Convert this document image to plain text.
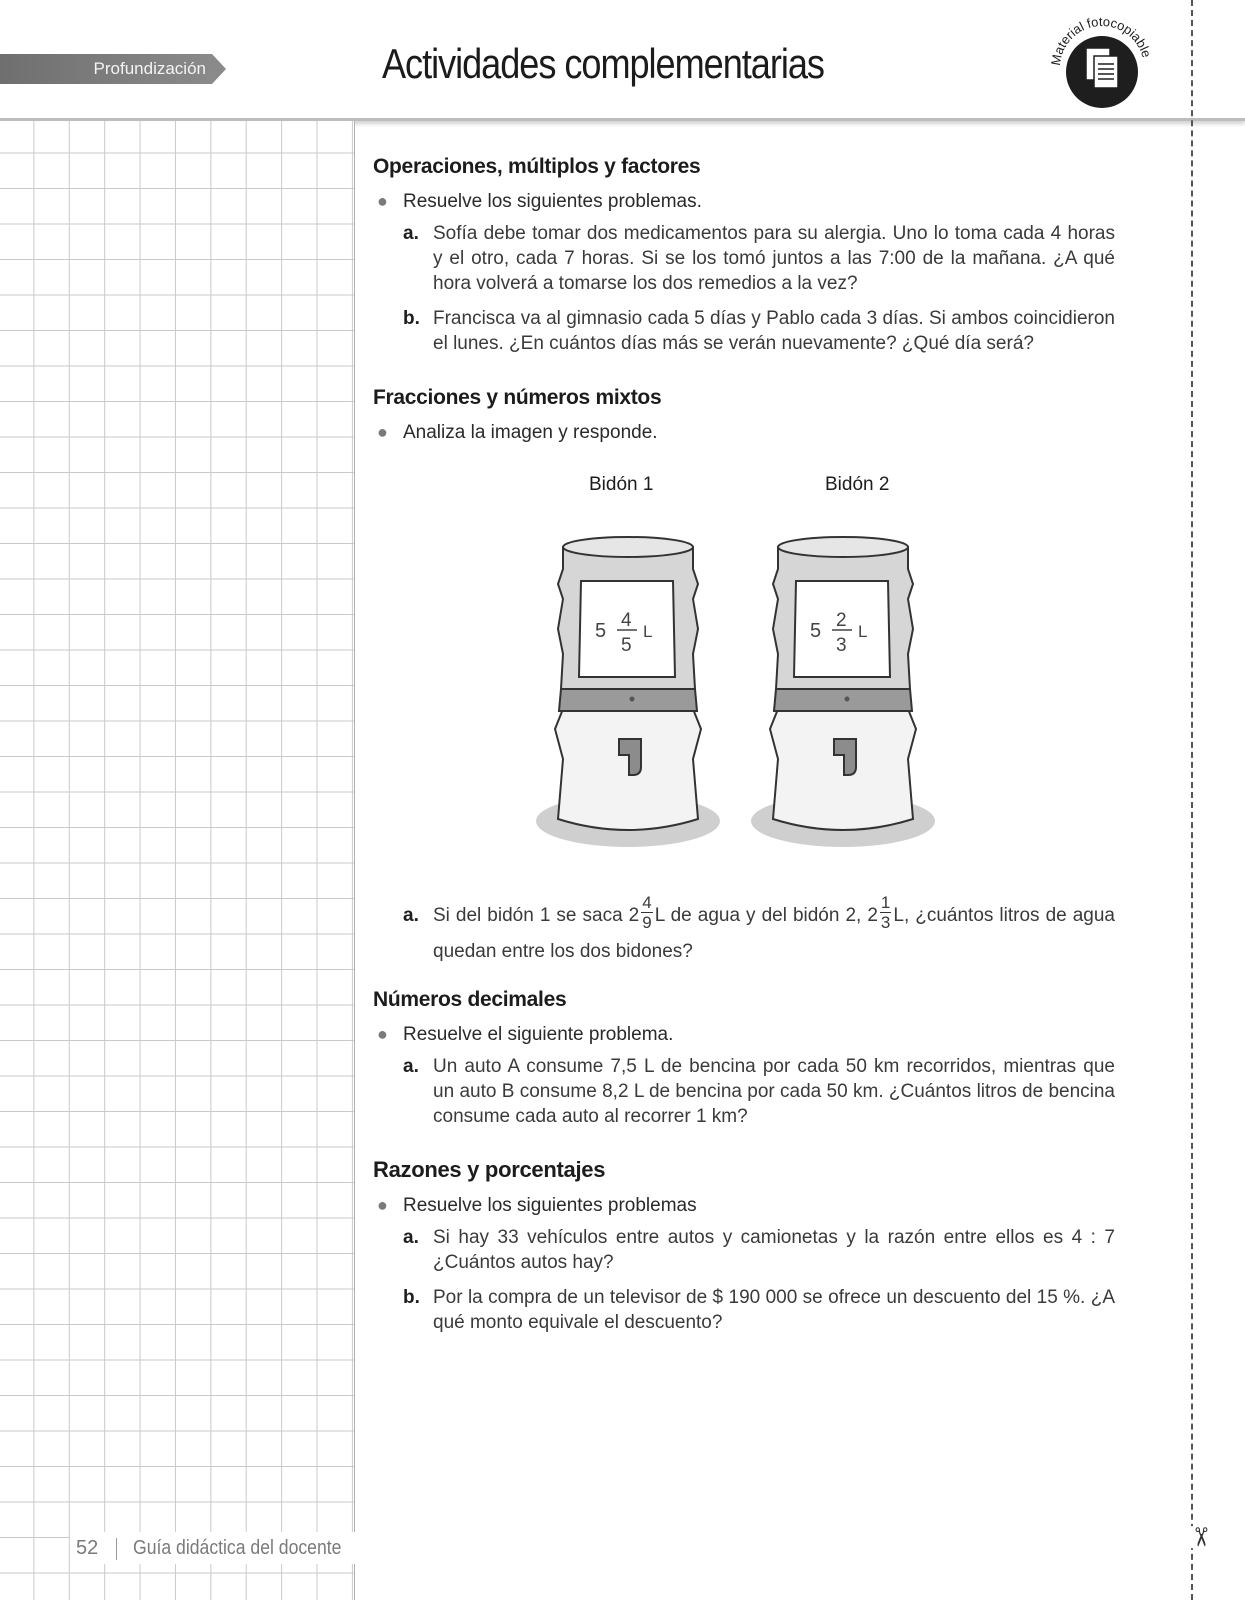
Profundización	Actividades complementarias	Material fotocopiable
52 Guía didáctica del docente	✂
Operaciones, múltiplos y factores
● Resuelve los siguientes problemas.
a. Sofía debe tomar dos medicamentos para su alergia. Uno lo toma cada 4 horas y el otro, cada 7 horas. Si se los tomó juntos a las 7:00 de la mañana. ¿A qué hora volverá a tomarse los dos remedios a la vez?
b. Francisca va al gimnasio cada 5 días y Pablo cada 3 días. Si ambos coincidieron el lunes. ¿En cuántos días más se verán nuevamente? ¿Qué día será?
Fracciones y números mixtos
● Analiza la imagen y responde.
Bidón 1	Bidón 2
5 4
5
L	5 2
3
L
a. Si del bidón 1 se saca $2 \frac{4}{9}$ L de agua y del bidón 2, $2 \frac{1}{3} L$, ¿cuántos litros de agua quedan entre los dos bidones?
Números decimales
● Resuelve el siguiente problema.
a. Un auto A consume 7,5 L de bencina por cada 50 km recorridos, mientras que un auto B consume 8,2 L de bencina por cada 50 km. ¿Cuántos litros de bencina consume cada auto al recorrer 1 km?
Razones y porcentajes
● Resuelve los siguientes problemas
a. Si hay 33 vehículos entre autos y camionetas y la razón entre ellos es 4 : 7 ¿Cuántos autos hay?
b. Por la compra de un televisor de $ 190 000 se ofrece un descuento del 15 %. ¿A qué monto equivale el descuento?
